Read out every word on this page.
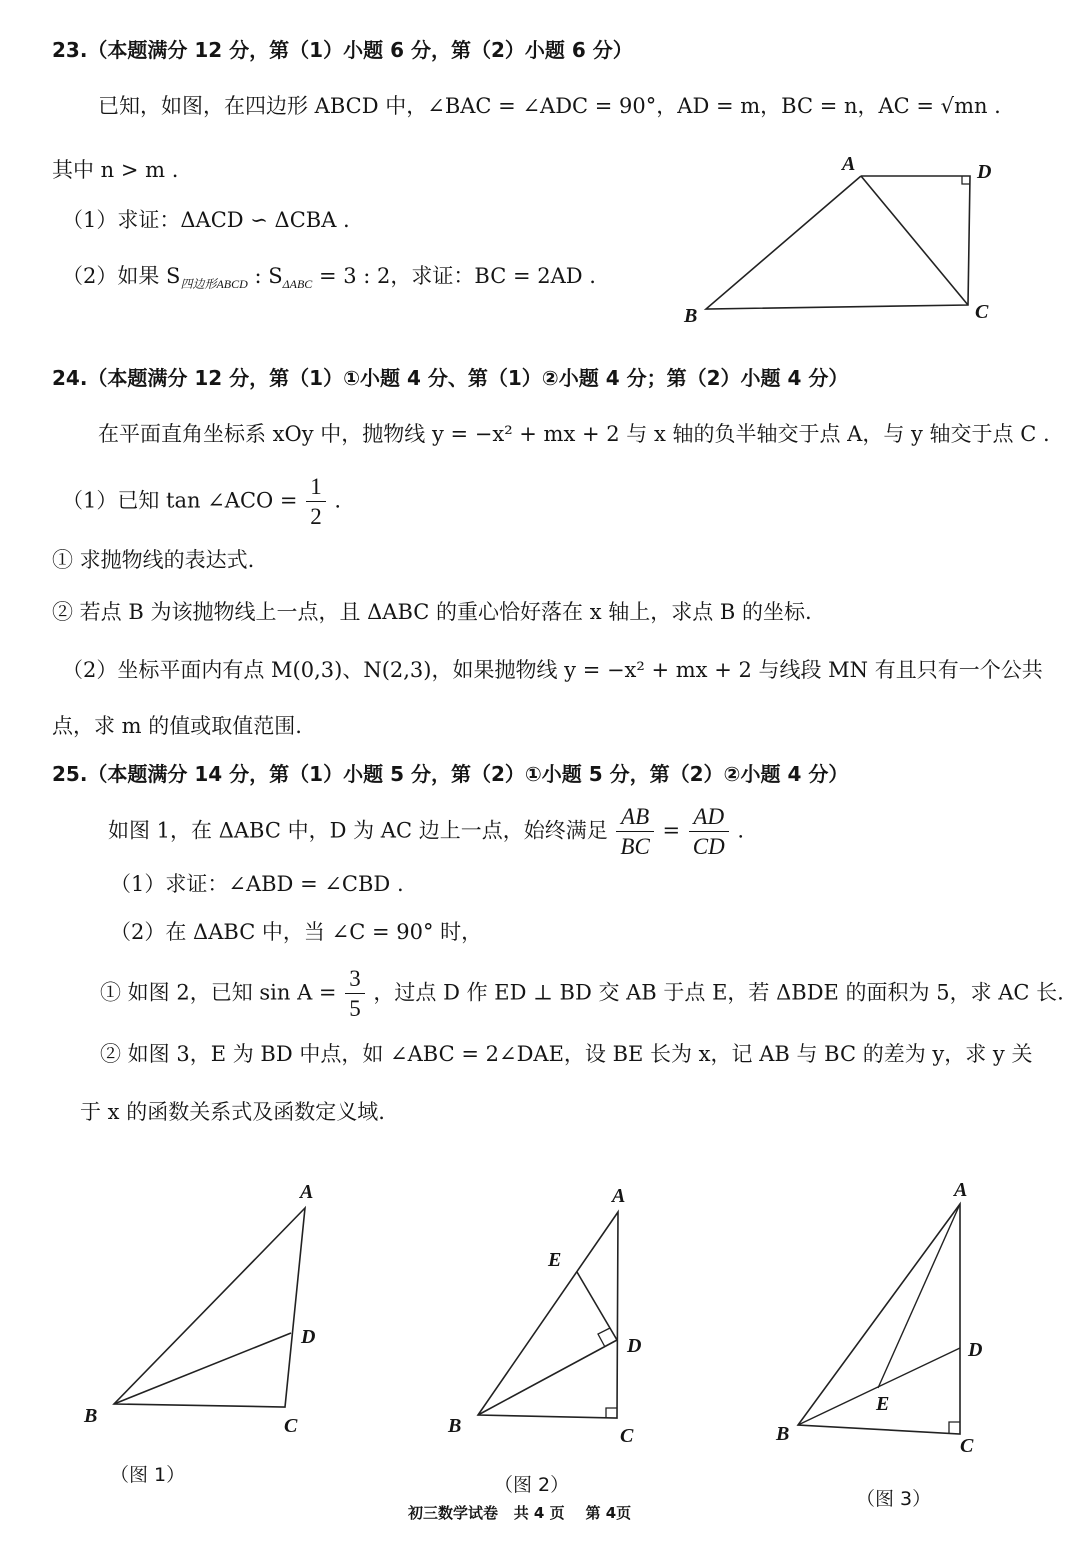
23.（本题满分 12 分，第（1）小题 6 分，第（2）小题 6 分）
已知，如图，在四边形 ABCD 中，∠BAC = ∠ADC = 90°，AD = m，BC = n，AC = √mn .
其中 n > m .
（1）求证：ΔACD ∽ ΔCBA .
（2）如果 $S_{四边形ABCD}$ : $S_{\Delta ABC} = 3$ : 2，求证：BC = 2AD .
A	D
B	C
24.（本题满分 12 分，第（1）①小题 4 分、第（1）②小题 4 分；第（2）小题 4 分）
在平面直角坐标系 xOy 中，抛物线 y = −x² + mx + 2 与 x 轴的负半轴交于点 A，与 y 轴交于点 C .
（1）已知 tan ∠ACO = $\frac{1}{2}$ .
① 求抛物线的表达式.
② 若点 B 为该抛物线上一点，且 ΔABC 的重心恰好落在 x 轴上，求点 B 的坐标.
（2）坐标平面内有点 M(0,3)、N(2,3)，如果抛物线 y = −x² + mx + 2 与线段 MN 有且只有一个公共
点，求 m 的值或取值范围.
25.（本题满分 14 分，第（1）小题 5 分，第（2）①小题 5 分，第（2）②小题 4 分）
如图 1，在 ΔABC 中，D 为 AC 边上一点，始终满足 $\frac{AB}{BC} = \frac{AD}{CD}$ .
（1）求证：∠ABD = ∠CBD .
（2）在 ΔABC 中，当 ∠C = 90° 时，
① 如图 2，已知 $\sin A = \frac{3}{5}$ ，过点 D 作 ED ⊥ BD 交 AB 于点 E，若 ΔBDE 的面积为 5，求 AC 长.
② 如图 3，E 为 BD 中点，如 ∠ABC = 2∠DAE，设 BE 长为 x，记 AB 与 BC 的差为 y，求 y 关
于 x 的函数关系式及函数定义域.
A
D
B	C
A
E
D
B	C
A
D
E
B
C
（图 1）	（图 2）
（图 3）
初三数学试卷 共 4 页 第 4页
